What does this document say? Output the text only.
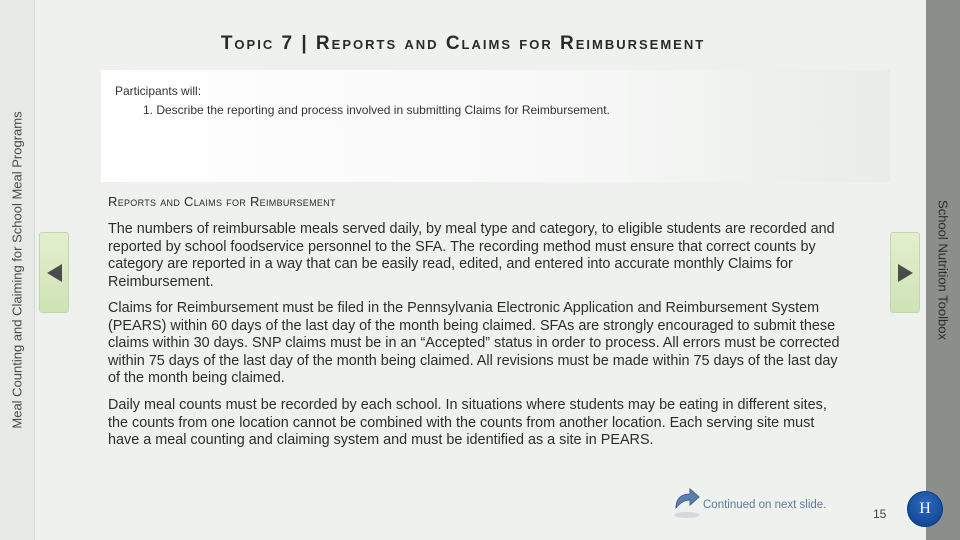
Meal Counting and Claiming for School Meal Programs	School Nutrition Toolbox
Topic 7 | Reports and Claims for Reimbursement
Participants will:
1. Describe the reporting and process involved in submitting Claims for Reimbursement.
Reports and Claims for Reimbursement

The numbers of reimbursable meals served daily, by meal type and category, to eligible students are recorded and reported by school foodservice personnel to the SFA. The recording method must ensure that correct counts by category are reported in a way that can be easily read, edited, and entered into accurate monthly Claims for Reimbursement.

Claims for Reimbursement must be filed in the Pennsylvania Electronic Application and Reimbursement System (PEARS) within 60 days of the last day of the month being claimed. SFAs are strongly encouraged to submit these claims within 30 days. SNP claims must be in an “Accepted” status in order to process. All errors must be corrected within 75 days of the last day of the month being claimed. All revisions must be made within 75 days of the last day of the month being claimed.

Daily meal counts must be recorded by each school. In situations where students may be eating in different sites, the counts from one location cannot be combined with the counts from another location. Each serving site must have a meal counting and claiming system and must be identified as a site in PEARS.

Continued on next slide.
15	H
